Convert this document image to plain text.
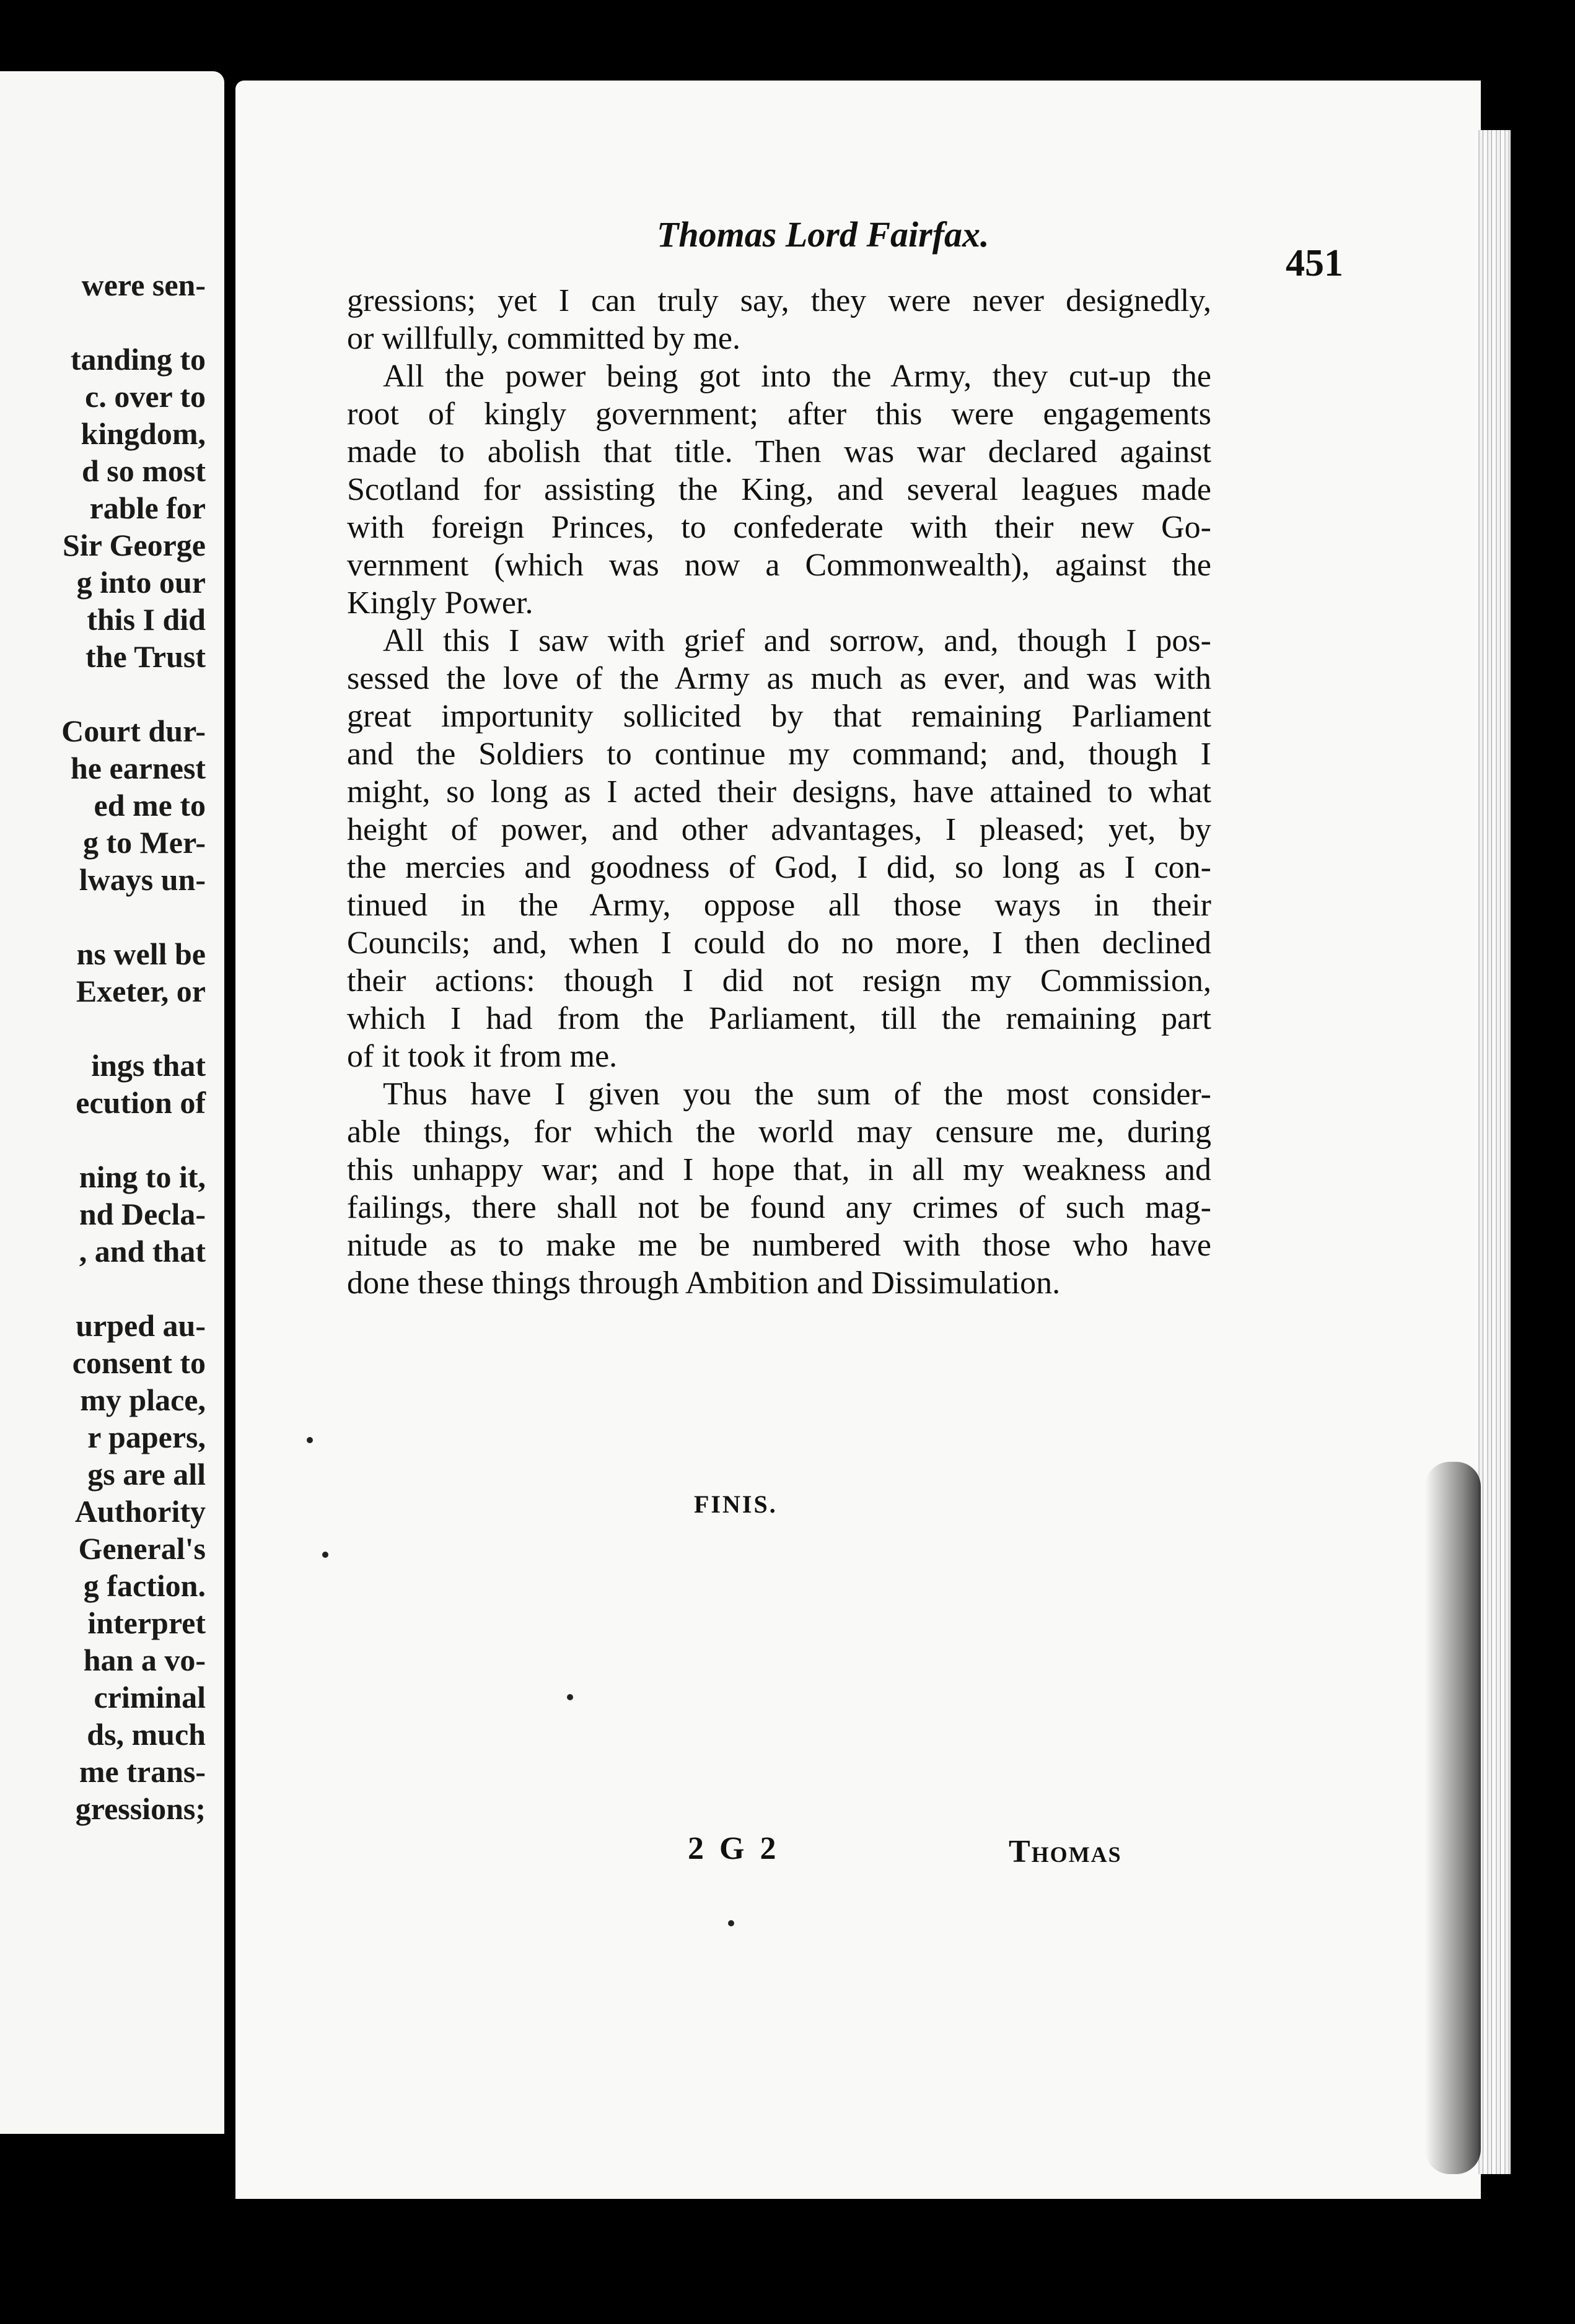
were sen-
tanding to
c. over to
kingdom,
d so most
rable for
Sir George
g into our
this I did
the Trust
Court dur-
he earnest
ed me to
g to Mer-
lways un-
ns well be
Exeter, or
ings that
ecution of
ning to it,
nd Decla-
, and that
urped au-
consent to
my place,
r papers,
gs are all
Authority
General's
g faction.
interpret
han a vo-
criminal
ds, much
me trans-
gressions;
Thomas Lord Fairfax.
451
gressions; yet I can truly say, they were never designedly,
or willfully, committed by me.
All the power being got into the Army, they cut-up the
root of kingly government; after this were engagements
made to abolish that title. Then was war declared against
Scotland for assisting the King, and several leagues made
with foreign Princes, to confederate with their new Go-
vernment (which was now a Commonwealth), against the
Kingly Power.
All this I saw with grief and sorrow, and, though I pos-
sessed the love of the Army as much as ever, and was with
great importunity sollicited by that remaining Parliament
and the Soldiers to continue my command; and, though I
might, so long as I acted their designs, have attained to what
height of power, and other advantages, I pleased; yet, by
the mercies and goodness of God, I did, so long as I con-
tinued in the Army, oppose all those ways in their
Councils; and, when I could do no more, I then declined
their actions: though I did not resign my Commission,
which I had from the Parliament, till the remaining part
of it took it from me.
Thus have I given you the sum of the most consider-
able things, for which the world may censure me, during
this unhappy war; and I hope that, in all my weakness and
failings, there shall not be found any crimes of such mag-
nitude as to make me be numbered with those who have
done these things through Ambition and Dissimulation.
FINIS.
2 G 2	Thomas
